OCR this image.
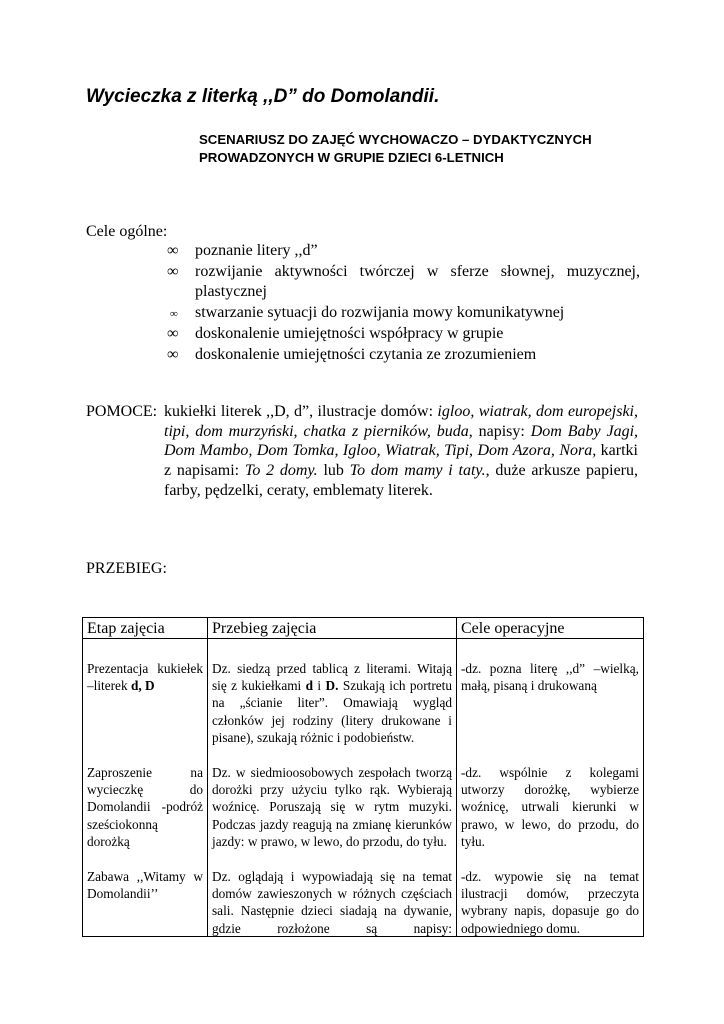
Wycieczka z literką ,,D” do Domolandii.
SCENARIUSZ DO ZAJĘĆ WYCHOWACZO – DYDAKTYCZNYCH
PROWADZONYCH W GRUPIE DZIECI 6-LETNICH

Cele ogólne:

∞ poznanie litery ,,d”
∞ rozwijanie aktywności twórczej w sferze słownej, muzycznej, plastycznej
∞ stwarzanie sytuacji do rozwijania mowy komunikatywnej
∞ doskonalenie umiejętności współpracy w grupie
∞ doskonalenie umiejętności czytania ze zrozumieniem
POMOCE: kukiełki literek ,,D, d”, ilustracje domów: igloo, wiatrak, dom europejski, tipi, dom murzyński, chatka z pierników, buda, napisy: Dom Baby Jagi, Dom Mambo, Dom Tomka, Igloo, Wiatrak, Tipi, Dom Azora, Nora, kartki z napisami: To 2 domy. lub To dom mamy i taty., duże arkusze papieru, farby, pędzelki, ceraty, emblematy literek.

PRZEBIEG:

Etap zajęcia	Przebieg zajęcia	Cele operacyjne
Prezentacja kukiełek –literek d, D	Dz. siedzą przed tablicą z literami. Witają się z kukiełkami d i D. Szukają ich portretu na „ścianie liter”. Omawiają wygląd członków jej rodziny (litery drukowane i pisane), szukają różnic i podobieństw.	-dz. pozna literę ,,d” –wielką, małą, pisaną i drukowaną
Zaproszenie na wycieczkę do Domolandii -podróż sześciokonną dorożką	Dz. w siedmioosobowych zespołach tworzą dorożki przy użyciu tylko rąk. Wybierają woźnicę. Poruszają się w rytm muzyki. Podczas jazdy reagują na zmianę kierunków jazdy: w prawo, w lewo, do przodu, do tyłu.	-dz. wspólnie z kolegami utworzy dorożkę, wybierze woźnicę, utrwali kierunki w prawo, w lewo, do przodu, do tyłu.

Zabawa ,,Witamy w Domolandii’’	Dz. oglądają i wypowiadają się na temat domów zawieszonych w różnych częściach sali. Następnie dzieci siadają na dywanie, gdzie rozłożone są napisy:	-dz. wypowie się na temat ilustracji domów, przeczyta wybrany napis, dopasuje go do odpowiedniego domu.
